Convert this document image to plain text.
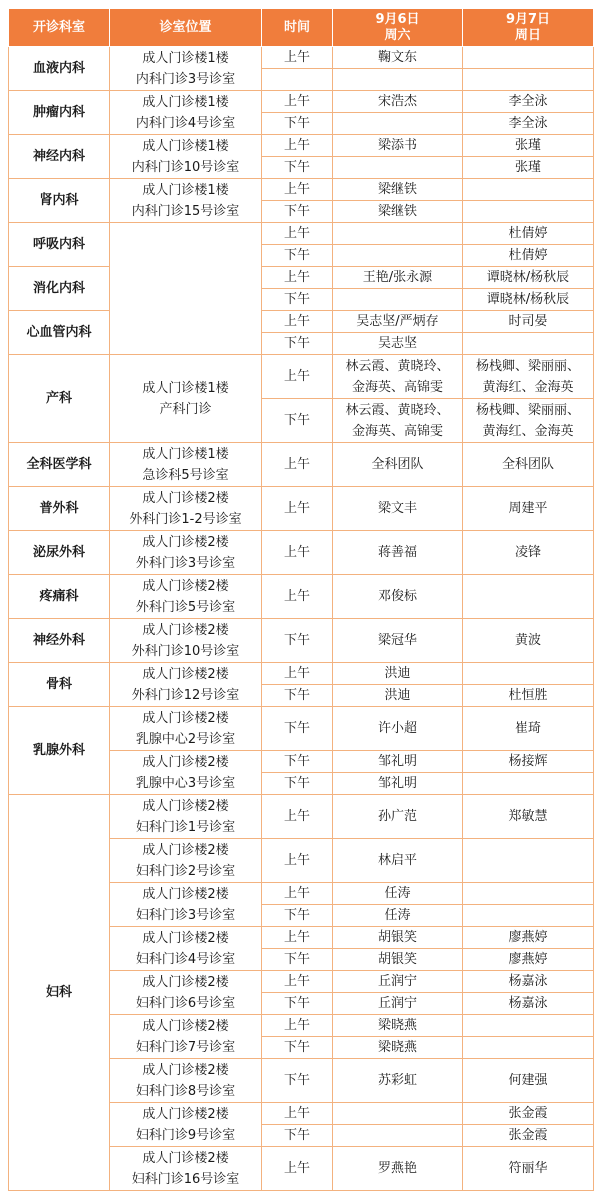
开诊科室	诊室位置	时间	9月6日
周六	9月7日
周日

血液内科	成人门诊楼1楼
内科门诊3号诊室	上午	鞠文东	

肿瘤内科	成人门诊楼1楼
内科门诊4号诊室	上午	宋浩杰	李全泳

		下午		李全泳

神经内科	成人门诊楼1楼
内科门诊10号诊室	上午	梁添书	张瑾

		下午		张瑾

肾内科	成人门诊楼1楼
内科门诊15号诊室	上午	梁继铁	

		下午	梁继铁	

呼吸内科		上午		杜倩婷

		下午		杜倩婷

消化内科		上午	王艳/张永源	谭晓林/杨秋辰

		下午		谭晓林/杨秋辰

心血管内科		上午	吴志坚/严炳存	时司晏

		下午	吴志坚	

产科	成人门诊楼1楼
产科门诊	上午	林云霞、黄晓玲、
金海英、高锦雯	杨栈卿、梁丽丽、
黄海红、金海英

		下午	林云霞、黄晓玲、
金海英、高锦雯	杨栈卿、梁丽丽、
黄海红、金海英

全科医学科	成人门诊楼1楼
急诊科5号诊室	上午	全科团队	全科团队

普外科	成人门诊楼2楼
外科门诊1-2号诊室	上午	梁文丰	周建平

泌尿外科	成人门诊楼2楼
外科门诊3号诊室	上午	蒋善福	凌锋

疼痛科	成人门诊楼2楼
外科门诊5号诊室	上午	邓俊标	

神经外科	成人门诊楼2楼
外科门诊10号诊室	下午	梁冠华	黄波

骨科	成人门诊楼2楼
外科门诊12号诊室	上午	洪迪	

		下午	洪迪	杜恒胜

乳腺外科	成人门诊楼2楼
乳腺中心2号诊室	下午	许小超	崔琦

	成人门诊楼2楼
乳腺中心3号诊室	下午	邹礼明	杨接辉

		下午	邹礼明	

妇科	成人门诊楼2楼
妇科门诊1号诊室	上午	孙广范	郑敏慧

	成人门诊楼2楼
妇科门诊2号诊室	上午	林启平	

	成人门诊楼2楼
妇科门诊3号诊室	上午	任涛	

		下午	任涛	

	成人门诊楼2楼
妇科门诊4号诊室	上午	胡银笑	廖燕婷

		下午	胡银笑	廖燕婷

	成人门诊楼2楼
妇科门诊6号诊室	上午	丘润宁	杨嘉泳

		下午	丘润宁	杨嘉泳

	成人门诊楼2楼
妇科门诊7号诊室	上午	梁晓燕	

		下午	梁晓燕	

	成人门诊楼2楼
妇科门诊8号诊室	下午	苏彩虹	何建强

	成人门诊楼2楼
妇科门诊9号诊室	上午		张金霞

		下午		张金霞

	成人门诊楼2楼
妇科门诊16号诊室	上午	罗燕艳	符丽华
